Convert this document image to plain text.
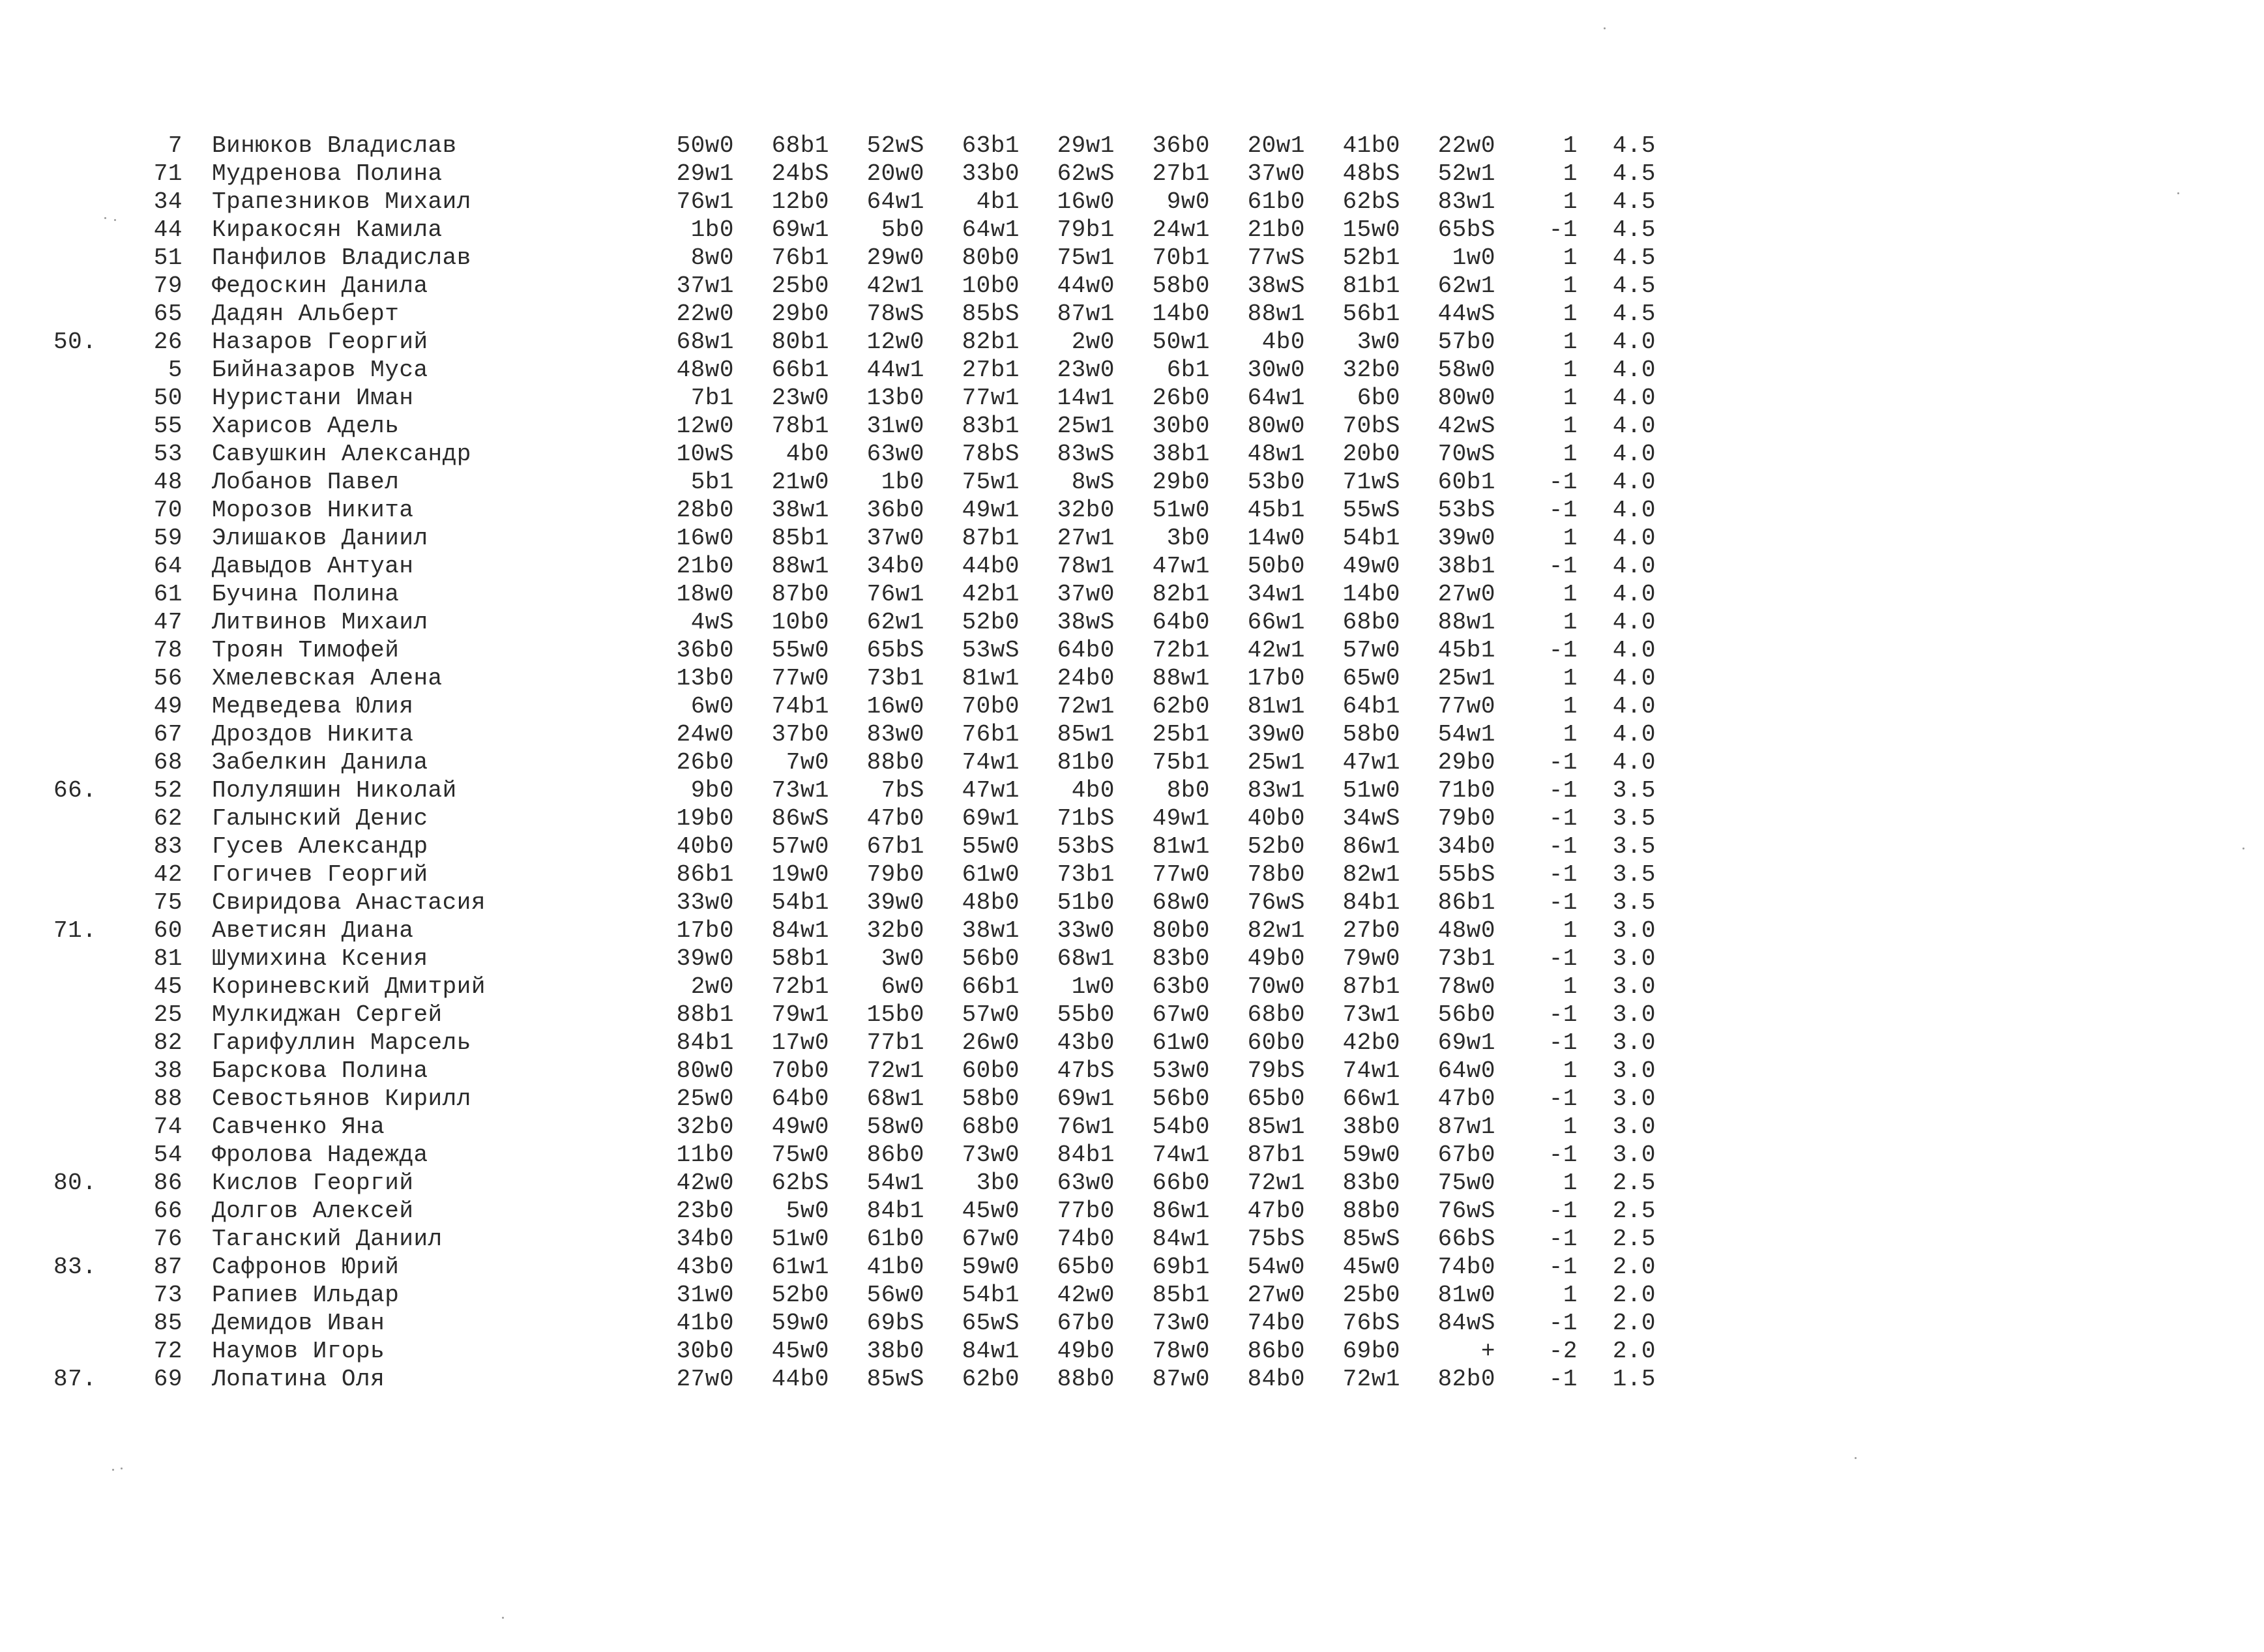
7 Винюков Владислав	50w0	68b1	52wS	63b1	29w1	36b0	20w1	41b0	22w0	1	4.5
71 Мудренова Полина	29w1	24bS	20w0	33b0	62wS	27b1	37w0	48bS	52w1	1	4.5
34 Трапезников Михаил	76w1	12b0	64w1	4b1	16w0	9w0	61b0	62bS	83w1	1	4.5
44 Киракосян Камила	1b0	69w1	5b0	64w1	79b1	24w1	21b0	15w0	65bS	-1	4.5
51 Панфилов Владислав	8w0	76b1	29w0	80b0	75w1	70b1	77wS	52b1	1w0	1	4.5
79 Федоскин Данила	37w1	25b0	42w1	10b0	44w0	58b0	38wS	81b1	62w1	1	4.5
65 Дадян Альберт	22w0	29b0	78wS	85bS	87w1	14b0	88w1	56b1	44wS	1	4.5
50.	26 Назаров Георгий	68w1	80b1	12w0	82b1	2w0	50w1	4b0	3w0	57b0	1	4.0
5 Бийназаров Муса	48w0	66b1	44w1	27b1	23w0	6b1	30w0	32b0	58w0	1	4.0
50 Нуристани Иман	7b1	23w0	13b0	77w1	14w1	26b0	64w1	6b0	80w0	1	4.0
55 Харисов Адель	12w0	78b1	31w0	83b1	25w1	30b0	80w0	70bS	42wS	1	4.0
53 Савушкин Александр	10wS	4b0	63w0	78bS	83wS	38b1	48w1	20b0	70wS	1	4.0
48 Лобанов Павел	5b1	21w0	1b0	75w1	8wS	29b0	53b0	71wS	60b1	-1	4.0
70 Морозов Никита	28b0	38w1	36b0	49w1	32b0	51w0	45b1	55wS	53bS	-1	4.0
59 Элишаков Даниил	16w0	85b1	37w0	87b1	27w1	3b0	14w0	54b1	39w0	1	4.0
64 Давыдов Антуан	21b0	88w1	34b0	44b0	78w1	47w1	50b0	49w0	38b1	-1	4.0
61 Бучина Полина	18w0	87b0	76w1	42b1	37w0	82b1	34w1	14b0	27w0	1	4.0
47 Литвинов Михаил	4wS	10b0	62w1	52b0	38wS	64b0	66w1	68b0	88w1	1	4.0
78 Троян Тимофей	36b0	55w0	65bS	53wS	64b0	72b1	42w1	57w0	45b1	-1	4.0
56 Хмелевская Алена	13b0	77w0	73b1	81w1	24b0	88w1	17b0	65w0	25w1	1	4.0
49 Медведева Юлия	6w0	74b1	16w0	70b0	72w1	62b0	81w1	64b1	77w0	1	4.0
67 Дроздов Никита	24w0	37b0	83w0	76b1	85w1	25b1	39w0	58b0	54w1	1	4.0
68 Забелкин Данила	26b0	7w0	88b0	74w1	81b0	75b1	25w1	47w1	29b0	-1	4.0
66.	52 Полуляшин Николай	9b0	73w1	7bS	47w1	4b0	8b0	83w1	51w0	71b0	-1	3.5
62 Галынский Денис	19b0	86wS	47b0	69w1	71bS	49w1	40b0	34wS	79b0	-1	3.5
83 Гусев Александр	40b0	57w0	67b1	55w0	53bS	81w1	52b0	86w1	34b0	-1	3.5
42 Гогичев Георгий	86b1	19w0	79b0	61w0	73b1	77w0	78b0	82w1	55bS	-1	3.5
75 Свиридова Анастасия	33w0	54b1	39w0	48b0	51b0	68w0	76wS	84b1	86b1	-1	3.5
71.	60 Аветисян Диана	17b0	84w1	32b0	38w1	33w0	80b0	82w1	27b0	48w0	1	3.0
81 Шумихина Ксения	39w0	58b1	3w0	56b0	68w1	83b0	49b0	79w0	73b1	-1	3.0
45 Кориневский Дмитрий	2w0	72b1	6w0	66b1	1w0	63b0	70w0	87b1	78w0	1	3.0
25 Мулкиджан Сергей	88b1	79w1	15b0	57w0	55b0	67w0	68b0	73w1	56b0	-1	3.0
82 Гарифуллин Марсель	84b1	17w0	77b1	26w0	43b0	61w0	60b0	42b0	69w1	-1	3.0
38 Барскова Полина	80w0	70b0	72w1	60b0	47bS	53w0	79bS	74w1	64w0	1	3.0
88 Севостьянов Кирилл	25w0	64b0	68w1	58b0	69w1	56b0	65b0	66w1	47b0	-1	3.0
74 Савченко Яна	32b0	49w0	58w0	68b0	76w1	54b0	85w1	38b0	87w1	1	3.0
54 Фролова Надежда	11b0	75w0	86b0	73w0	84b1	74w1	87b1	59w0	67b0	-1	3.0
80.	86 Кислов Георгий	42w0	62bS	54w1	3b0	63w0	66b0	72w1	83b0	75w0	1	2.5
66 Долгов Алексей	23b0	5w0	84b1	45w0	77b0	86w1	47b0	88b0	76wS	-1	2.5
76 Таганский Даниил	34b0	51w0	61b0	67w0	74b0	84w1	75bS	85wS	66bS	-1	2.5
83.	87 Сафронов Юрий	43b0	61w1	41b0	59w0	65b0	69b1	54w0	45w0	74b0	-1	2.0
73 Рапиев Ильдар	31w0	52b0	56w0	54b1	42w0	85b1	27w0	25b0	81w0	1	2.0
85 Демидов Иван	41b0	59w0	69bS	65wS	67b0	73w0	74b0	76bS	84wS	-1	2.0
72 Наумов Игорь	30b0	45w0	38b0	84w1	49b0	78w0	86b0	69b0	+	-2	2.0
87.	69 Лопатина Оля	27w0	44b0	85wS	62b0	88b0	87w0	84b0	72w1	82b0	-1	1.5
